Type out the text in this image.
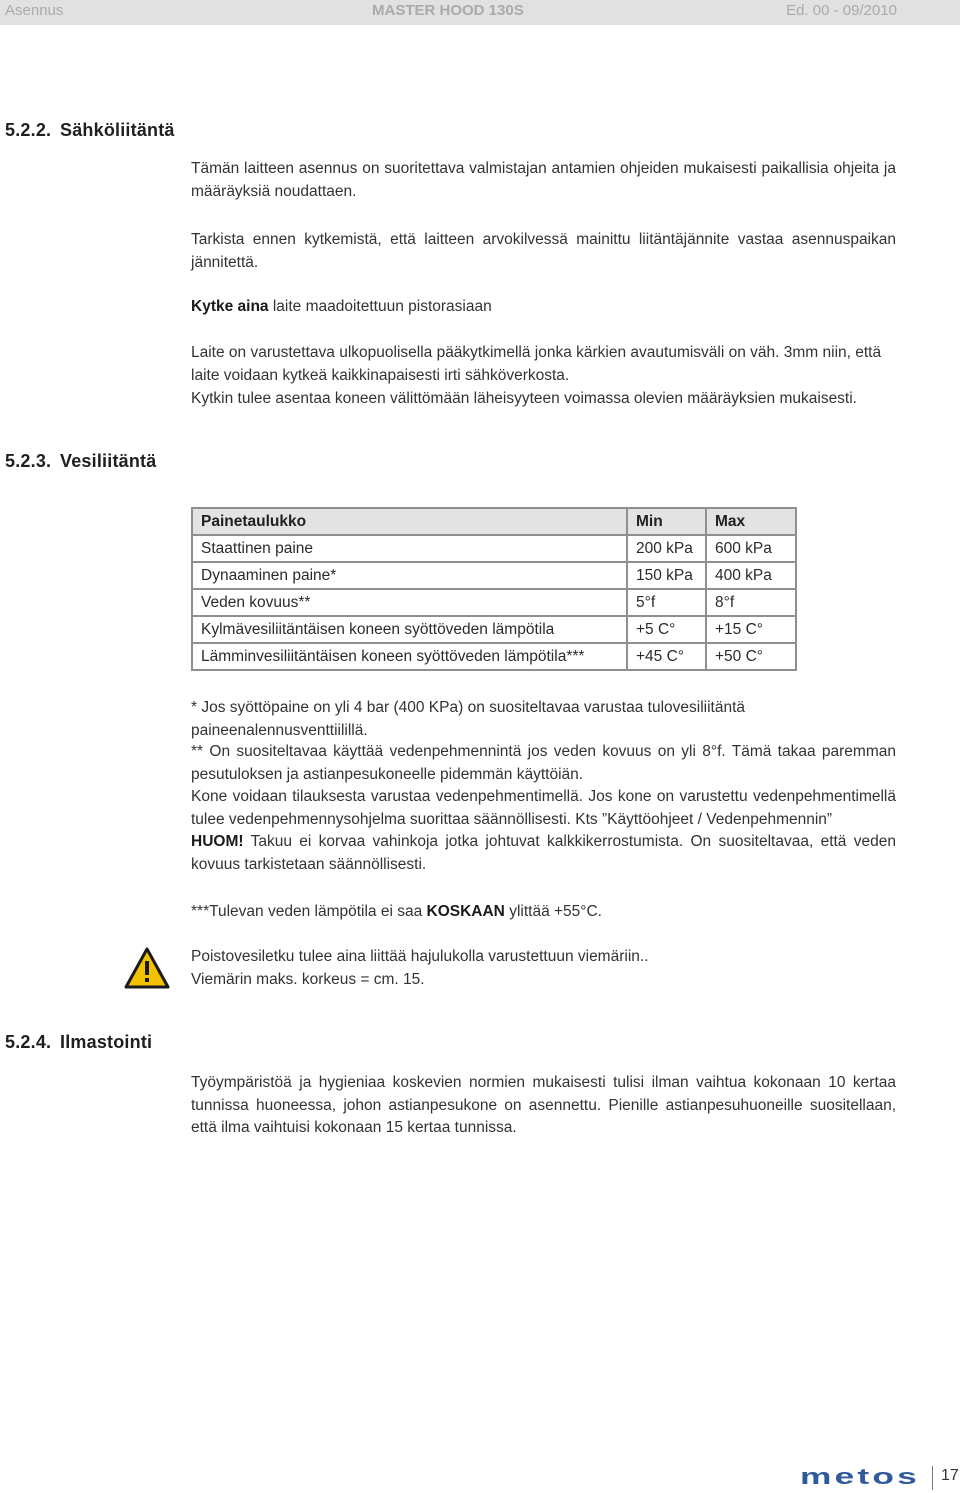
Asennus	MASTER HOOD 130S	Ed. 00 - 09/2010
5.2.2. Sähköliitäntä
Tämän laitteen asennus on suoritettava valmistajan antamien ohjeiden mukaisesti paikallisia ohjeita ja määräyksiä noudattaen.
Tarkista ennen kytkemistä, että laitteen arvokilvessä mainittu liitäntäjännite vastaa asennuspaikan jännitettä.
Kytke aina laite maadoitettuun pistorasiaan
Laite on varustettava ulkopuolisella pääkytkimellä jonka kärkien avautumisväli on väh. 3mm niin, että laite voidaan kytkeä kaikkinapaisesti irti sähköverkosta.
Kytkin tulee asentaa koneen välittömään läheisyyteen voimassa olevien määräyksien mukaisesti.
5.2.3. Vesiliitäntä
Painetaulukko	Min	Max
Staattinen paine	200 kPa	600 kPa
Dynaaminen paine*	150 kPa	400 kPa
Veden kovuus**	5°f	8°f
Kylmävesiliitäntäisen koneen syöttöveden lämpötila	+5 C°	+15 C°
Lämminvesiliitäntäisen koneen syöttöveden lämpötila***	+45 C°	+50 C°
* Jos syöttöpaine on yli 4 bar (400 KPa) on suositeltavaa varustaa tulovesiliitäntä paineenalennusventtiilillä.

** On suositeltavaa käyttää vedenpehmennintä jos veden kovuus on yli 8°f. Tämä takaa paremman pesutuloksen ja astianpesukoneelle pidemmän käyttöiän.

Kone voidaan tilauksesta varustaa vedenpehmentimellä. Jos kone on varustettu vedenpehmentimellä tulee vedenpehmennysohjelma suorittaa säännöllisesti. Kts ”Käyttöohjeet / Vedenpehmennin”

HUOM! Takuu ei korvaa vahinkoja jotka johtuvat kalkkikerrostumista. On suositeltavaa, että veden kovuus tarkistetaan säännöllisesti.

***Tulevan veden lämpötila ei saa KOSKAAN ylittää +55°C.

Poistovesiletku tulee aina liittää hajulukolla varustettuun viemäriin..

Viemärin maks. korkeus = cm. 15.

5.2.4. Ilmastointi
Työympäristöä ja hygieniaa koskevien normien mukaisesti tulisi ilman vaihtua kokonaan 10 kertaa tunnissa huoneessa, johon astianpesukone on asennettu. Pienille astianpesuhuoneille suositellaan, että ilma vaihtuisi kokonaan 15 kertaa tunnissa.
metos 17
